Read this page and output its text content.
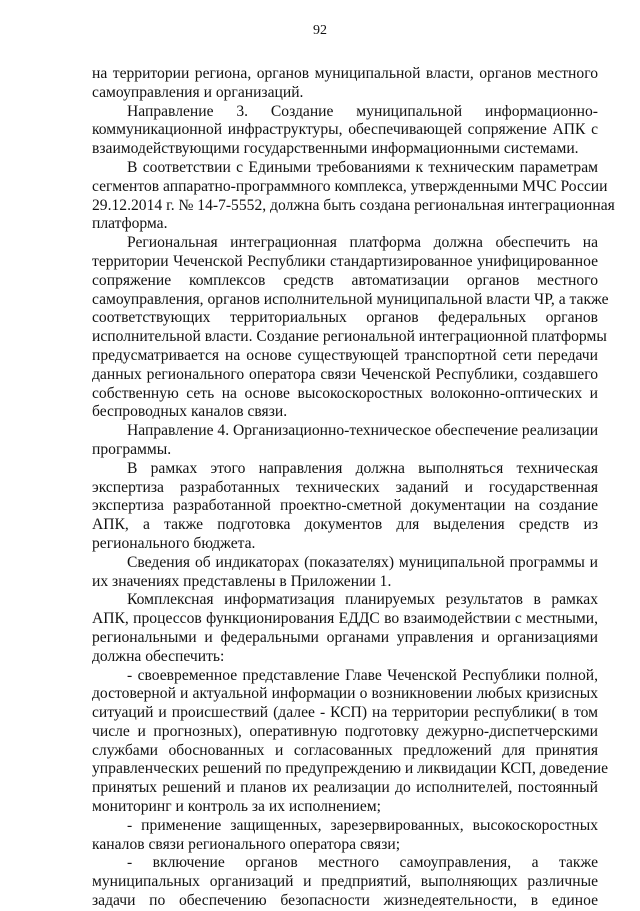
92
на территории региона, органов муниципальной власти, органов местного
самоуправления и организаций.
Направление 3. Создание муниципальной информационно-
коммуникационной инфраструктуры, обеспечивающей сопряжение АПК с
взаимодействующими государственными информационными системами.
В соответствии с Едиными требованиями к техническим параметрам
сегментов аппаратно-программного комплекса, утвержденными МЧС России
29.12.2014 г. № 14-7-5552, должна быть создана региональная интеграционная
платформа.
Региональная интеграционная платформа должна обеспечить на
территории Чеченской Республики стандартизированное унифицированное
сопряжение комплексов средств автоматизации органов местного
самоуправления, органов исполнительной муниципальной власти ЧР, а также
соответствующих территориальных органов федеральных органов
исполнительной власти. Создание региональной интеграционной платформы
предусматривается на основе существующей транспортной сети передачи
данных регионального оператора связи Чеченской Республики, создавшего
собственную сеть на основе высокоскоростных волоконно-оптических и
беспроводных каналов связи.
Направление 4. Организационно-техническое обеспечение реализации
программы.
В рамках этого направления должна выполняться техническая
экспертиза разработанных технических заданий и государственная
экспертиза разработанной проектно-сметной документации на создание
АПК, а также подготовка документов для выделения средств из
регионального бюджета.
Сведения об индикаторах (показателях) муниципальной программы и
их значениях представлены в Приложении 1.
Комплексная информатизация планируемых результатов в рамках
АПК, процессов функционирования ЕДДС во взаимодействии с местными,
региональными и федеральными органами управления и организациями
должна обеспечить:
- своевременное представление Главе Чеченской Республики полной,
достоверной и актуальной информации о возникновении любых кризисных
ситуаций и происшествий (далее - КСП) на территории республики( в том
числе и прогнозных), оперативную подготовку дежурно-диспетчерскими
службами обоснованных и согласованных предложений для принятия
управленческих решений по предупреждению и ликвидации КСП, доведение
принятых решений и планов их реализации до исполнителей, постоянный
мониторинг и контроль за их исполнением;
- применение защищенных, зарезервированных, высокоскоростных
каналов связи регионального оператора связи;
- включение органов местного самоуправления, а также
муниципальных организаций и предприятий, выполняющих различные
задачи по обеспечению безопасности жизнедеятельности, в единое
